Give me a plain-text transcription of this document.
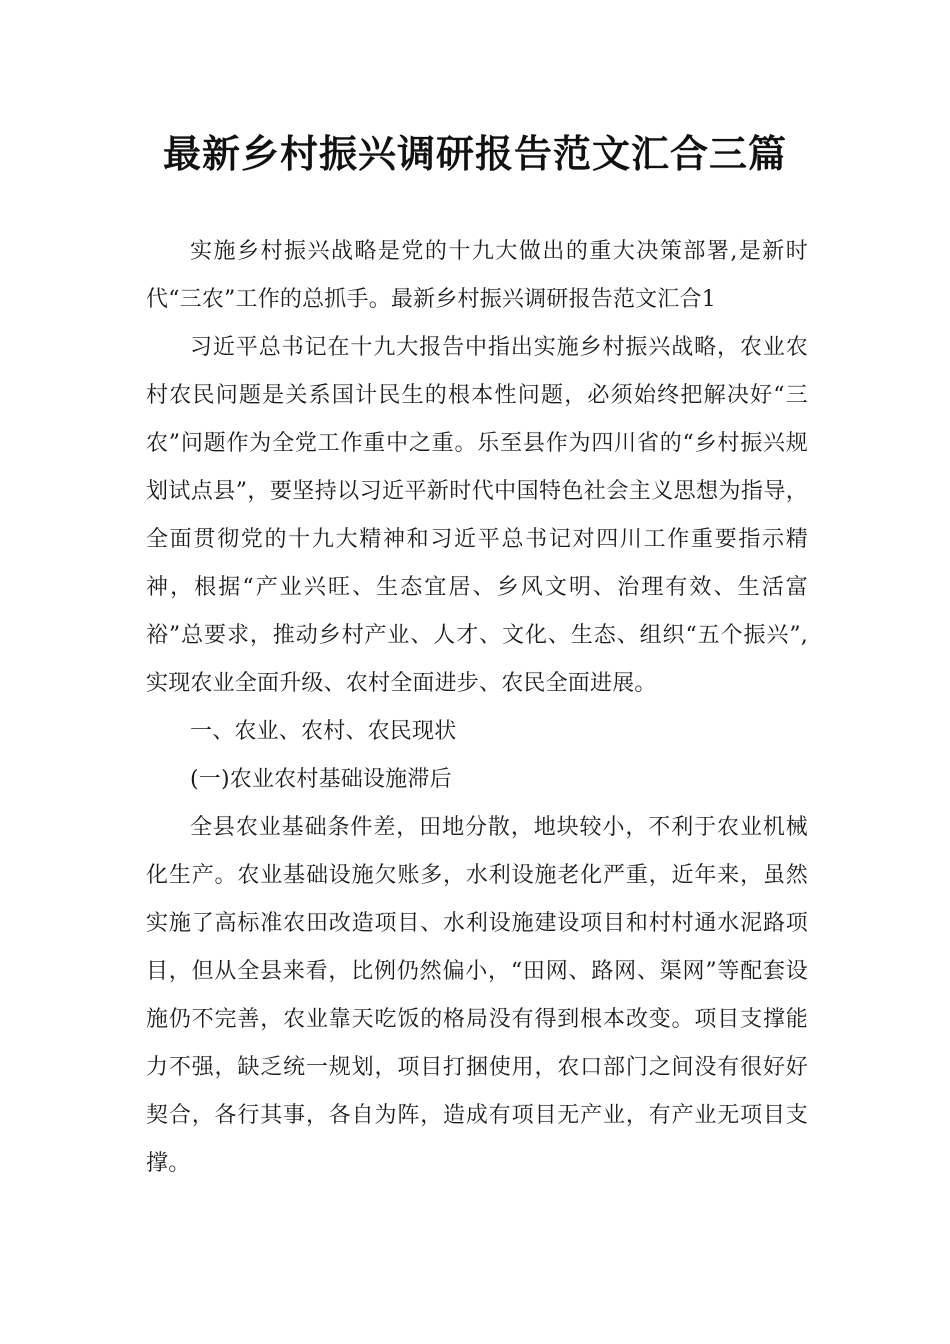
最新乡村振兴调研报告范文汇合三篇

实施乡村振兴战略是党的十九大做出的重大决策部署,是新时代“三农”工作的总抓手。最新乡村振兴调研报告范文汇合1

习近平总书记在十九大报告中指出实施乡村振兴战略，农业农村农民问题是关系国计民生的根本性问题，必须始终把解决好“三农”问题作为全党工作重中之重。乐至县作为四川省的“乡村振兴规划试点县”，要坚持以习近平新时代中国特色社会主义思想为指导，全面贯彻党的十九大精神和习近平总书记对四川工作重要指示精神，根据“产业兴旺、生态宜居、乡风文明、治理有效、生活富裕”总要求，推动乡村产业、人才、文化、生态、组织“五个振兴”,实现农业全面升级、农村全面进步、农民全面进展。

一、农业、农村、农民现状

(一)农业农村基础设施滞后

全县农业基础条件差，田地分散，地块较小，不利于农业机械化生产。农业基础设施欠账多，水利设施老化严重，近年来，虽然实施了高标准农田改造项目、水利设施建设项目和村村通水泥路项目，但从全县来看，比例仍然偏小，“田网、路网、渠网”等配套设施仍不完善，农业靠天吃饭的格局没有得到根本改变。项目支撑能力不强，缺乏统一规划，项目打捆使用，农口部门之间没有很好好契合，各行其事，各自为阵，造成有项目无产业，有产业无项目支撑。
